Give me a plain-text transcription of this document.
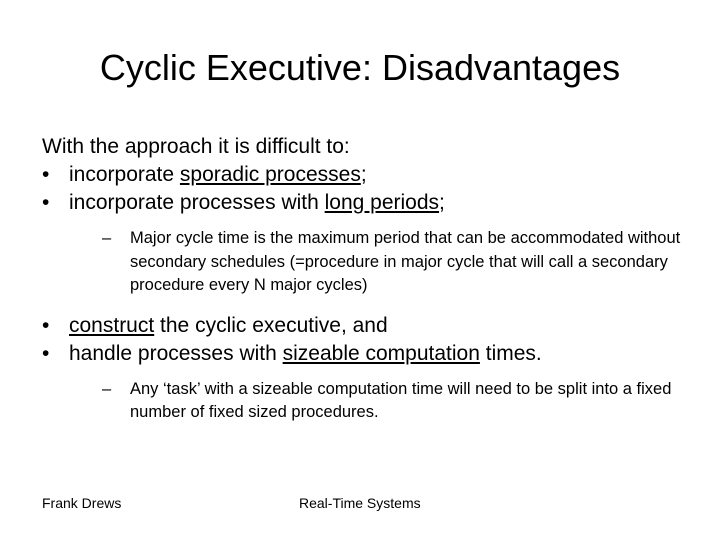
Cyclic Executive: Disadvantages
With the approach it is difficult to:
• incorporate sporadic processes;
• incorporate processes with long periods;
– Major cycle time is the maximum period that can be accommodated without secondary schedules (=procedure in major cycle that will call a secondary procedure every N major cycles)
• construct the cyclic executive, and
• handle processes with sizeable computation times.
– Any ‘task’ with a sizeable computation time will need to be split into a fixed number of fixed sized procedures.
Frank Drews	Real-Time Systems
